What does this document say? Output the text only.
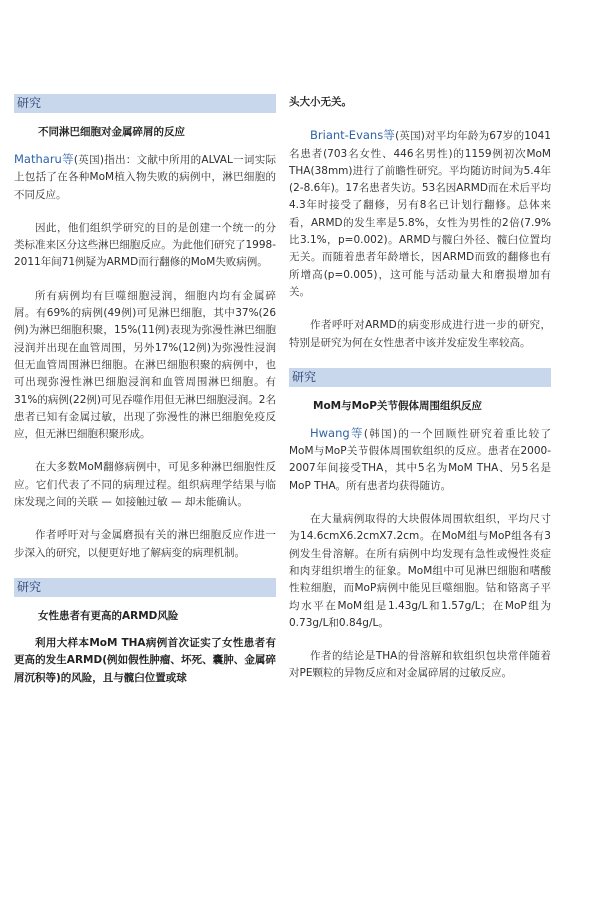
研究
不同淋巴细胞对金属碎屑的反应

Matharu等(英国)指出：文献中所用的ALVAL一词实际上包括了在各种MoM植入物失败的病例中，淋巴细胞的不同反应。

因此，他们组织学研究的目的是创建一个统一的分类标准来区分这些淋巴细胞反应。为此他们研究了1998-2011年间71例疑为ARMD而行翻修的MoM失败病例。

所有病例均有巨噬细胞浸润，细胞内均有金属碎屑。有69%的病例(49例)可见淋巴细胞，其中37%(26例)为淋巴细胞积聚，15%(11例)表现为弥漫性淋巴细胞浸润并出现在血管周围，另外17%(12例)为弥漫性浸润但无血管周围淋巴细胞。在淋巴细胞积聚的病例中，也可出现弥漫性淋巴细胞浸润和血管周围淋巴细胞。有31%的病例(22例)可见吞噬作用但无淋巴细胞浸润。2名患者已知有金属过敏，出现了弥漫性的淋巴细胞免疫反应，但无淋巴细胞积聚形成。

在大多数MoM翻修病例中，可见多种淋巴细胞性反应。它们代表了不同的病理过程。组织病理学结果与临床发现之间的关联 — 如接触过敏 — 却未能确认。

作者呼吁对与金属磨损有关的淋巴细胞反应作进一步深入的研究，以便更好地了解病变的病理机制。

研究
女性患者有更高的ARMD风险

利用大样本MoM THA病例首次证实了女性患者有更高的发生ARMD(例如假性肿瘤、坏死、囊肿、金属碎屑沉积等)的风险，且与髋臼位置或球

头大小无关。

Briant-Evans等(英国)对平均年龄为67岁的1041名患者(703名女性、446名男性)的1159例初次MoM THA(38mm)进行了前瞻性研究。平均随访时间为5.4年(2-8.6年)。17名患者失访。53名因ARMD而在术后平均4.3年时接受了翻修，另有8名已计划行翻修。总体来看，ARMD的发生率是5.8%，女性为男性的2倍(7.9%比3.1%，p=0.002)。ARMD与髋臼外径、髋臼位置均无关。而随着患者年龄增长，因ARMD而致的翻修也有所增高(p=0.005)，这可能与活动量大和磨损增加有关。

作者呼吁对ARMD的病变形成进行进一步的研究，特别是研究为何在女性患者中该并发症发生率较高。

研究
MoM与MoP关节假体周围组织反应

Hwang等(韩国)的一个回顾性研究着重比较了MoM与MoP关节假体周围软组织的反应。患者在2000-2007年间接受THA，其中5名为MoM THA、另5名是MoP THA。所有患者均获得随访。

在大量病例取得的大块假体周围软组织，平均尺寸为14.6cmX6.2cmX7.2cm。在MoM组与MoP组各有3例发生骨溶解。在所有病例中均发现有急性或慢性炎症和肉芽组织增生的征象。MoM组中可见淋巴细胞和嗜酸性粒细胞，而MoP病例中能见巨噬细胞。钴和铬离子平均水平在MoM组是1.43g/L和1.57g/L；在MoP组为0.73g/L和0.84g/L。

作者的结论是THA的骨溶解和软组织包块常伴随着对PE颗粒的异物反应和对金属碎屑的过敏反应。
